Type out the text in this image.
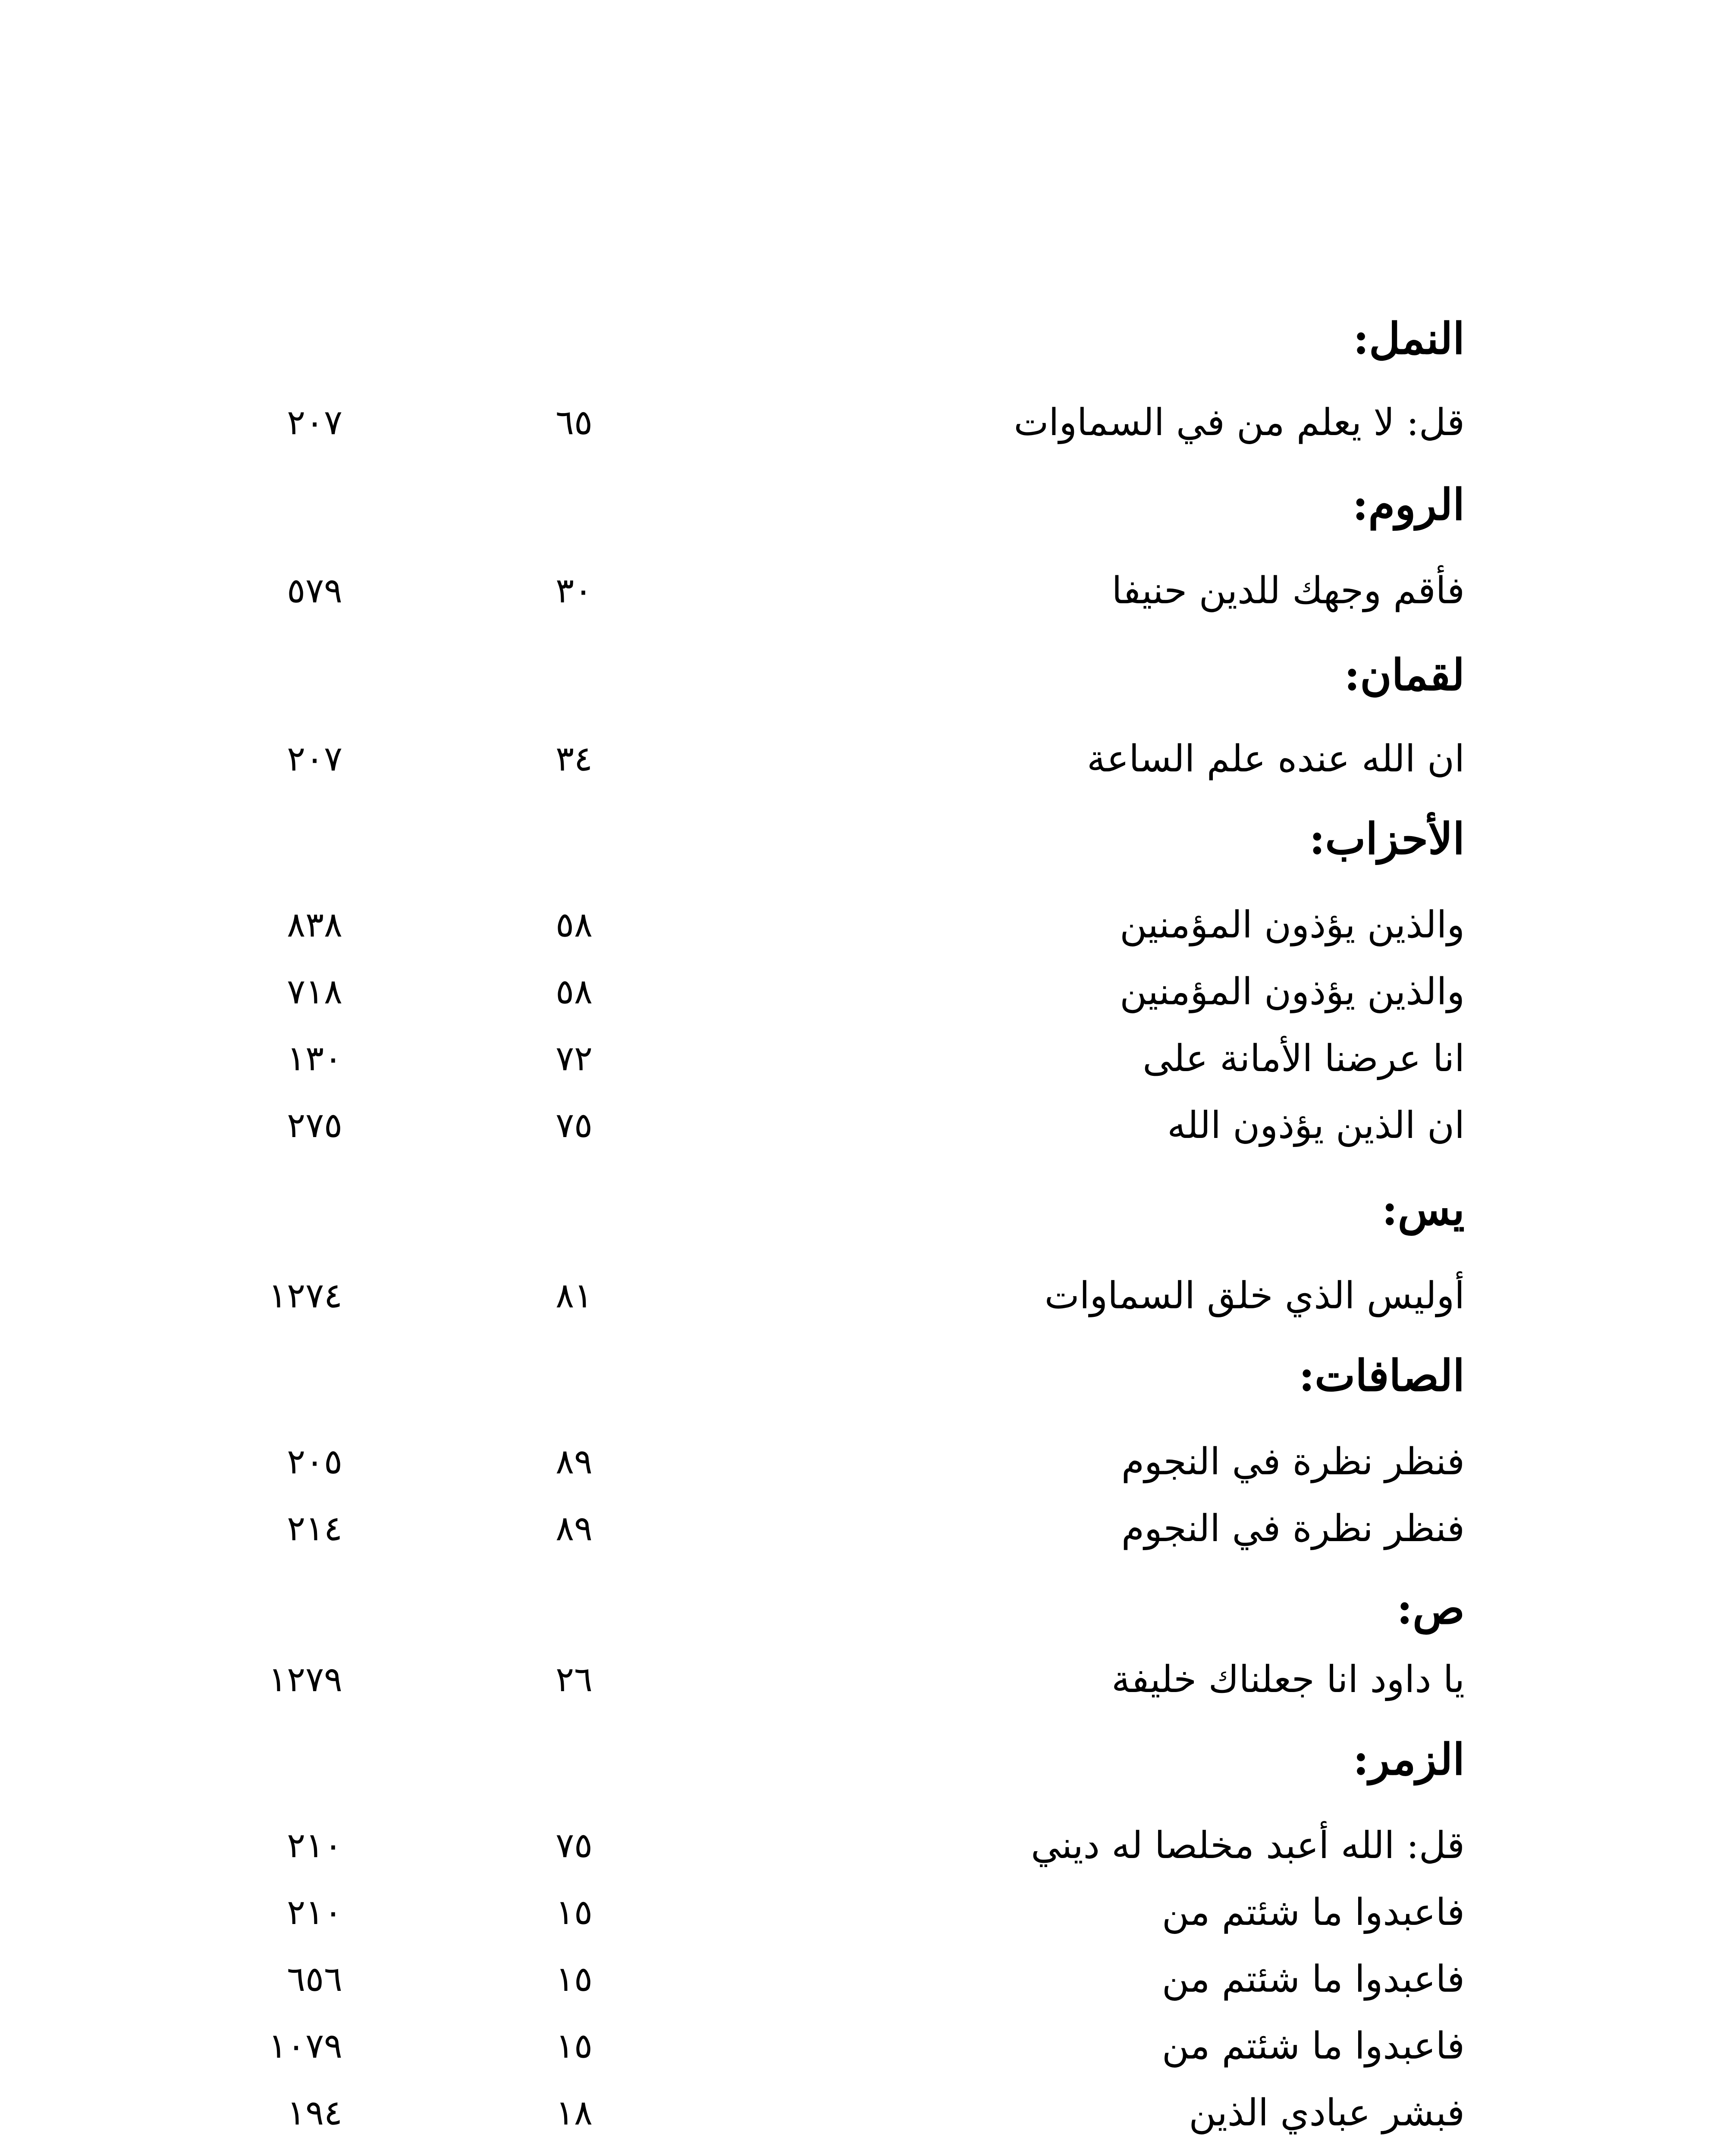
النمل:
قل: لا يعلم من في السماوات
٦٥
٢٠٧
الروم:
فأقم وجهك للدين حنيفا
٣٠
٥٧٩
لقمان:
ان الله عنده علم الساعة
٣٤
٢٠٧
الأحزاب:
والذين يؤذون المؤمنين
٥٨
٨٣٨
والذين يؤذون المؤمنين
٥٨
٧١٨
انا عرضنا الأمانة على
٧٢
١٣٠
ان الذين يؤذون الله
٧٥
٢٧٥
يس:
أوليس الذي خلق السماوات
٨١
١٢٧٤
الصافات:
فنظر نظرة في النجوم
٨٩
٢٠٥
فنظر نظرة في النجوم
٨٩
٢١٤
ص:
يا داود انا جعلناك خليفة
٢٦
١٢٧٩
الزمر:
قل: الله أعبد مخلصا له ديني
٧٥
٢١٠
فاعبدوا ما شئتم من
١٥
٢١٠
فاعبدوا ما شئتم من
١٥
٦٥٦
فاعبدوا ما شئتم من
١٥
١٠٧٩
فبشر عبادي الذين
١٨
١٩٤
